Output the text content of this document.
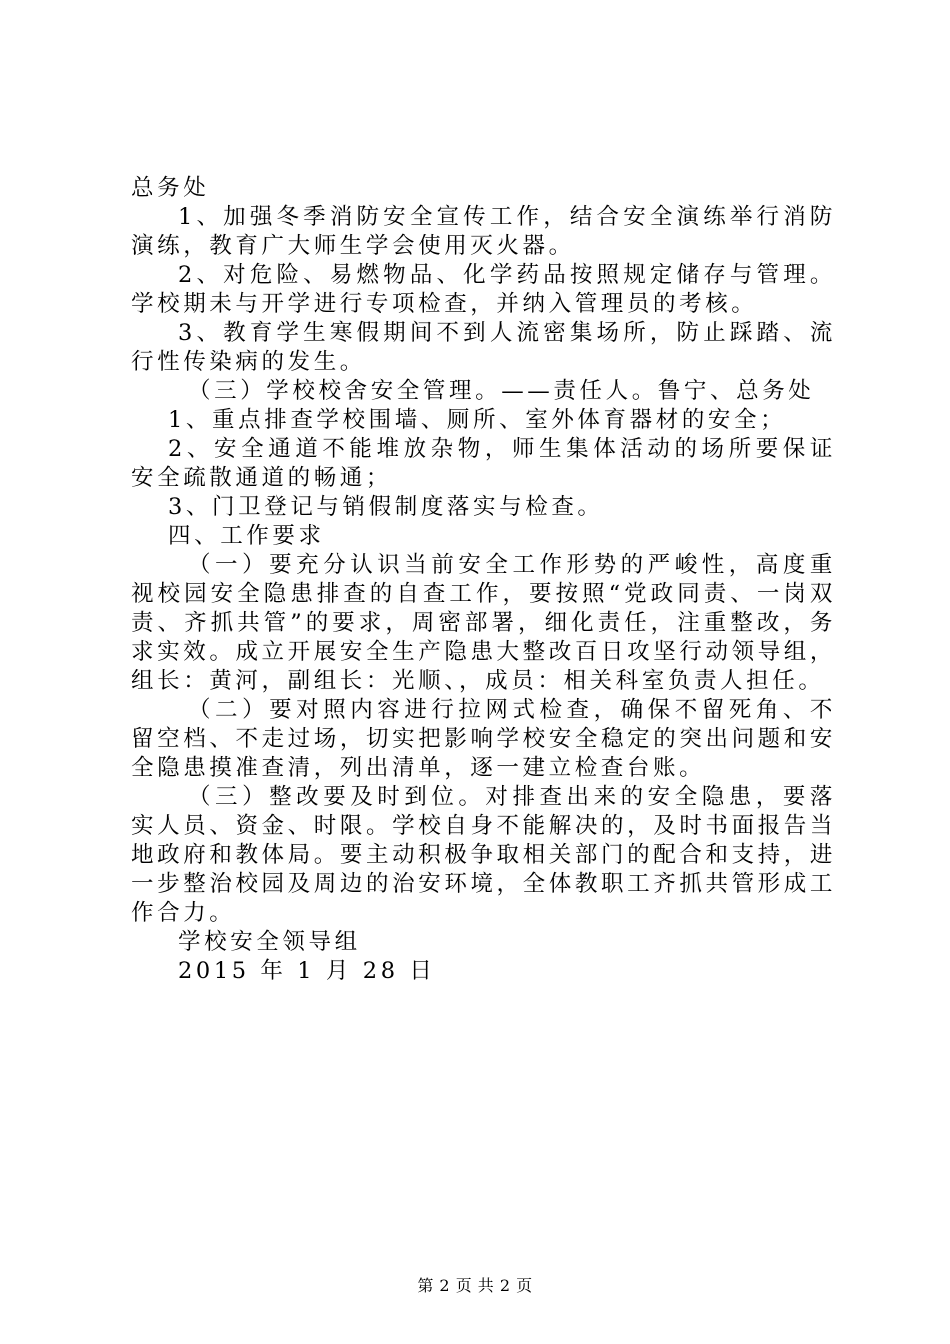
总务处

1、加强冬季消防安全宣传工作，结合安全演练举行消防演练，教育广大师生学会使用灭火器。

2、对危险、易燃物品、化学药品按照规定储存与管理。学校期未与开学进行专项检查，并纳入管理员的考核。

3、教育学生寒假期间不到人流密集场所，防止踩踏、流行性传染病的发生。

（三）学校校舍安全管理。——责任人。鲁宁、总务处

1、重点排查学校围墙、厕所、室外体育器材的安全；

2、安全通道不能堆放杂物，师生集体活动的场所要保证安全疏散通道的畅通；

3、门卫登记与销假制度落实与检查。

四、工作要求

（一）要充分认识当前安全工作形势的严峻性，高度重视校园安全隐患排查的自查工作，要按照“党政同责、一岗双责、齐抓共管”的要求，周密部署，细化责任，注重整改，务求实效。成立开展安全生产隐患大整改百日攻坚行动领导组，组长：黄河，副组长：光顺、，成员：相关科室负责人担任。

（二）要对照内容进行拉网式检查，确保不留死角、不留空档、不走过场，切实把影响学校安全稳定的突出问题和安全隐患摸准查清，列出清单，逐一建立检查台账。

（三）整改要及时到位。对排查出来的安全隐患，要落实人员、资金、时限。学校自身不能解决的，及时书面报告当地政府和教体局。要主动积极争取相关部门的配合和支持，进一步整治校园及周边的治安环境，全体教职工齐抓共管形成工作合力。

学校安全领导组

2015 年 1 月 28 日

第 2 页 共 2 页
